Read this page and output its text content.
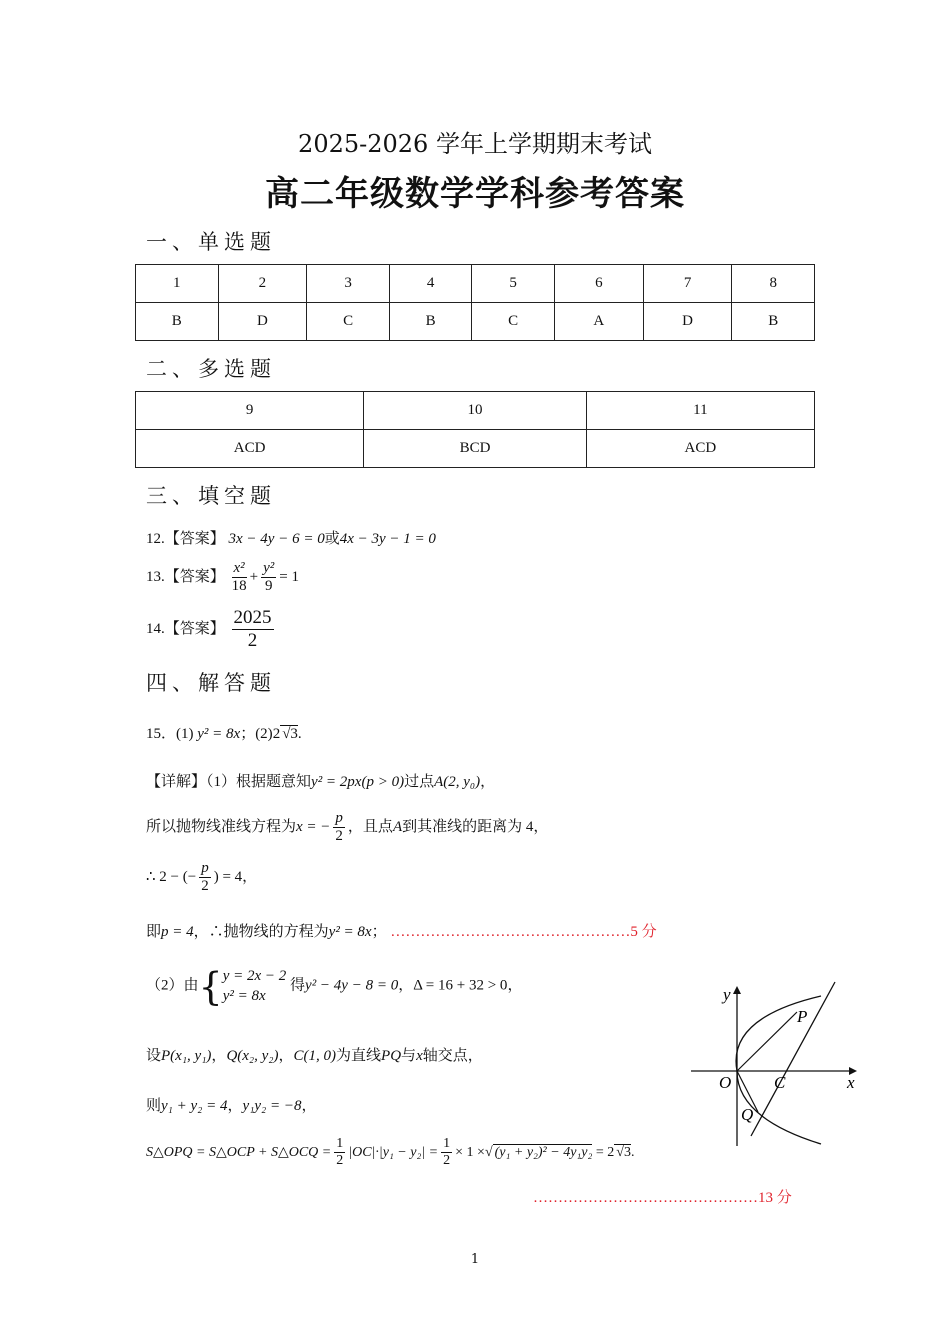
2025-2026 学年上学期期末考试
高二年级数学学科参考答案
一、单选题
1	2	3	4	5	6	7	8
B	D	C	B	C	A	D	B
二、多选题
9	10	11
ACD	BCD	ACD
三、填空题
12.【答案】 3x − 4y − 6 = 0或4x − 3y − 1 = 0
13.【答案】 $\frac{\text{x²}}{18} + \frac{\text{y²}}{9} = 1$
14.【答案】 $\frac{2025}{2}$
四、解答题
15．(1) y² = 8x；(2)2 √3.
【详解】（1）根据题意知y² = 2px(p > 0)过点A(2, y₀)，
所以抛物线准线方程为x = − $\frac{p}{2}$ ，且点A到其准线的距离为 4，
∴ 2 − (− $\frac{p}{2}$ ) = 4，
即p = 4，∴抛物线的方程为y² = 8x； …………………………………………5 分
（2）由{ y = 2x − 2
y² = 8x
得y² − 4y − 8 = 0，Δ = 16 + 32 > 0，
设P(x₁, y₁)，Q(x₂, y₂)，C(1, 0)为直线PQ与x轴交点，
则y₁ + y₂ = 4，y₁y₂ = −8，
S△OPQ = S△OCP + S△OCQ = $\frac{1}{2} |OC|\cdot|y_1 - y_2| = \frac{1}{2} \times 1$ ×√ (y₁ + y₂)² − 4y₁y₂ = 2 √3.
………………………………………13 分
y
x
O	C
P
Q
1
